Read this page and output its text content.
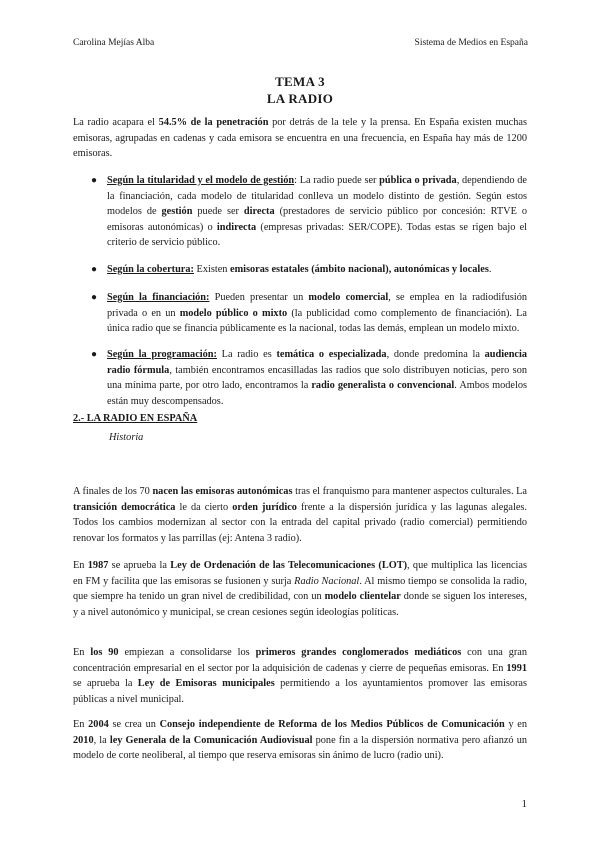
Carolina Mejías Alba	Sistema de Medios en España
TEMA 3
LA RADIO

La radio acapara el 54.5% de la penetración por detrás de la tele y la prensa. En España existen muchas emisoras, agrupadas en cadenas y cada emisora se encuentra en una frecuencia, en España hay más de 1200 emisoras.

● Según la titularidad y el modelo de gestión: La radio puede ser pública o privada, dependiendo de la financiación, cada modelo de titularidad conlleva un modelo distinto de gestión. Según estos modelos de gestión puede ser directa (prestadores de servicio público por concesión: RTVE o emisoras autonómicas) o indirecta (empresas privadas: SER/COPE). Todas estas se rigen bajo el criterio de servicio público.
● Según la cobertura: Existen emisoras estatales (ámbito nacional), autonómicas y locales.
● Según la financiación: Pueden presentar un modelo comercial, se emplea en la radiodifusión privada o en un modelo público o mixto (la publicidad como complemento de financiación). La única radio que se financia públicamente es la nacional, todas las demás, emplean un modelo mixto.
● Según la programación: La radio es temática o especializada, donde predomina la audiencia radio fórmula, también encontramos encasilladas las radios que solo distribuyen noticias, pero son una mínima parte, por otro lado, encontramos la radio generalista o convencional. Ambos modelos están muy descompensados.
2.- LA RADIO EN ESPAÑA
Historia

A finales de los 70 nacen las emisoras autonómicas tras el franquismo para mantener aspectos culturales. La transición democrática le da cierto orden jurídico frente a la dispersión jurídica y las lagunas alegales. Todos los cambios modernizan al sector con la entrada del capital privado (radio comercial) permitiendo renovar los formatos y las parrillas (ej: Antena 3 radio).

En 1987 se aprueba la Ley de Ordenación de las Telecomunicaciones (LOT), que multiplica las licencias en FM y facilita que las emisoras se fusionen y surja Radio Nacional. Al mismo tiempo se consolida la radio, que siempre ha tenido un gran nivel de credibilidad, con un modelo clientelar donde se siguen los intereses, y a nivel autonómico y municipal, se crean cesiones según ideologías políticas.

En los 90 empiezan a consolidarse los primeros grandes conglomerados mediáticos con una gran concentración empresarial en el sector por la adquisición de cadenas y cierre de pequeñas emisoras. En 1991 se aprueba la Ley de Emisoras municipales permitiendo a los ayuntamientos promover las emisoras públicas a nivel municipal.

En 2004 se crea un Consejo independiente de Reforma de los Medios Públicos de Comunicación y en 2010, la ley Generala de la Comunicación Audiovisual pone fin a la dispersión normativa pero afianzó un modelo de corte neoliberal, al tiempo que reserva emisoras sin ánimo de lucro (radio uni).

1
